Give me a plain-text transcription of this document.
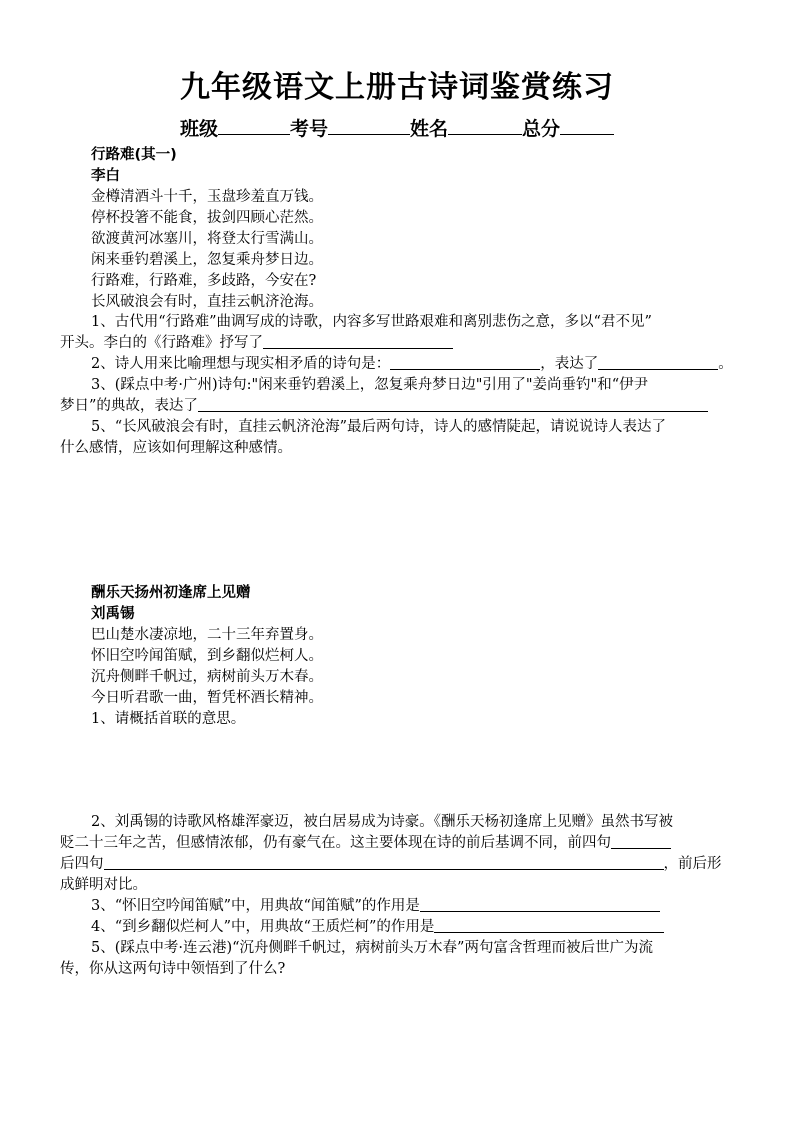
九年级语文上册古诗词鉴赏练习
班级	考号	姓名	总分
行路难(其一)
李白
金樽清酒斗十千，玉盘珍羞直万钱。
停杯投箸不能食，拔剑四顾心茫然。
欲渡黄河冰塞川，将登太行雪满山。
闲来垂钓碧溪上，忽复乘舟梦日边。
行路难，行路难，多歧路，今安在?
长风破浪会有时，直挂云帆济沧海。
1、古代用“行路难”曲调写成的诗歌，内容多写世路艰难和离别悲伤之意，多以“君不见”
开头。李白的《行路难》抒写了
2、诗人用来比喻理想与现实相矛盾的诗句是：	，表达了	。
3、(踩点中考·广州)诗句:"闲来垂钓碧溪上，忽复乘舟梦日边"引用了"姜尚垂钓"和“伊尹
梦日”的典故，表达了
5、“长风破浪会有时，直挂云帆济沧海”最后两句诗，诗人的感情陡起，请说说诗人表达了
什么感情，应该如何理解这种感情。
酬乐天扬州初逢席上见赠
刘禹锡
巴山楚水凄凉地，二十三年弃置身。
怀旧空吟闻笛赋，到乡翻似烂柯人。
沉舟侧畔千帆过，病树前头万木春。
今日听君歌一曲，暂凭杯酒长精神。
1、请概括首联的意思。
2、刘禹锡的诗歌风格雄浑豪迈，被白居易成为诗豪。《酬乐天杨初逢席上见赠》虽然书写被
贬二十三年之苦，但感情浓郁，仍有豪气在。这主要体现在诗的前后基调不同，前四句
后四句	，前后形
成鲜明对比。
3、“怀旧空吟闻笛赋”中，用典故“闻笛赋”的作用是
4、“到乡翻似烂柯人”中，用典故“王质烂柯”的作用是
5、(踩点中考·连云港)“沉舟侧畔千帆过，病树前头万木春”两句富含哲理而被后世广为流
传，你从这两句诗中领悟到了什么?
